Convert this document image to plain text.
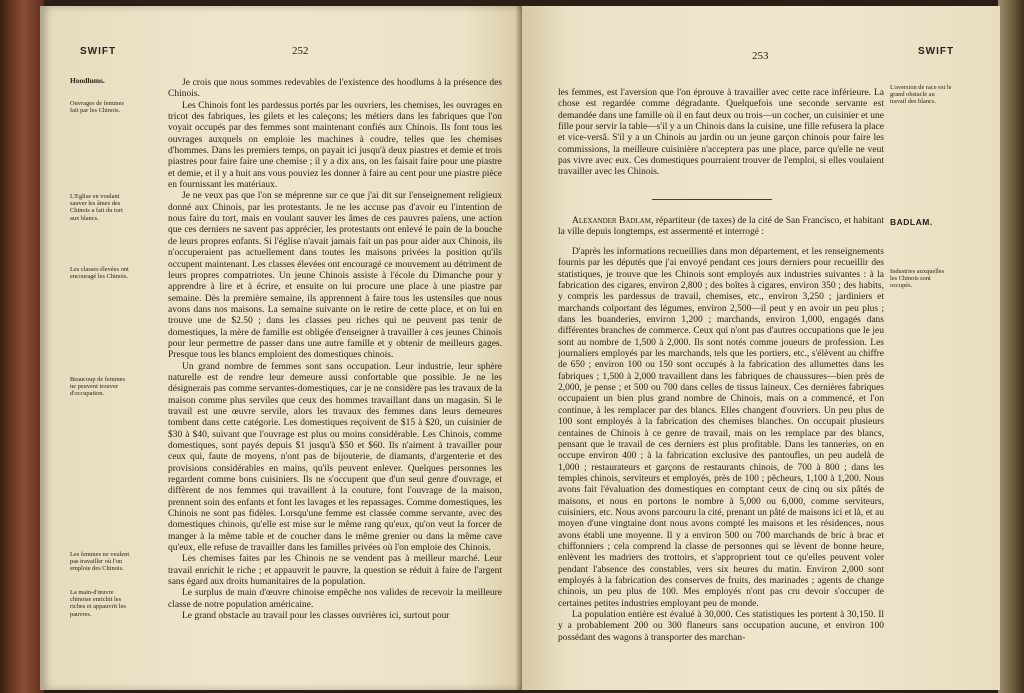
SWIFT	252
Hoodlums.
Ouvrages de femmes fait par les Chinois.
L'Eglise en voulant sauver les âmes des Chinois a fait du tort aux blancs.
Les classes élevées ont encouragé les Chinois.
Beaucoup de femmes ne peuvent trouver d'occupation.
Les femmes ne veulent pas travailler où l'on emploie des Chinois.
La main-d'œuvre chinoise enrichit les riches et appauvrit les pauvres.

Je crois que nous sommes redevables de l'existence des hoodlums à la présence des Chinois.

Les Chinois font les pardessus portés par les ouvriers, les chemises, les ouvrages en tricot des fabriques, les gilets et les caleçons; les métiers dans les fabriques que l'on voyait occupés par des femmes sont maintenant confiés aux Chinois. Ils font tous les ouvrages auxquels on emploie les machines à coudre, telles que les chemises d'hommes. Dans les premiers temps, on payait ici jusqu'à deux piastres et demie et trois piastres pour faire faire une chemise ; il y a dix ans, on les faisait faire pour une piastre et demie, et il y a huit ans vous pouviez les donner à faire au cent pour une piastre pièce en fournissant les matériaux.

Je ne veux pas que l'on se méprenne sur ce que j'ai dit sur l'enseignement religieux donné aux Chinois, par les protestants. Je ne les accuse pas d'avoir eu l'intention de nous faire du tort, mais en voulant sauver les âmes de ces pauvres païens, une action que ces derniers ne savent pas apprécier, les protestants ont enlevé le pain de la bouche de leurs propres enfants. Si l'église n'avait jamais fait un pas pour aider aux Chinois, ils n'occuperaient pas actuellement dans toutes les maisons privées la position qu'ils occupent maintenant. Les classes élevées ont encouragé ce mouvement au détriment de leurs propres compatriotes. Un jeune Chinois assiste à l'école du Dimanche pour y apprendre à lire et à écrire, et ensuite on lui procure une place à une piastre par semaine. Dès la première semaine, ils apprennent à faire tous les ustensiles que nous avons dans nos maisons. La semaine suivante on le retire de cette place, et on lui en trouve une de $2.50 ; dans les classes peu riches qui ne peuvent pas tenir de domestiques, la mère de famille est obligée d'enseigner à travailler à ces jeunes Chinois pour leur permettre de passer dans une autre famille et y obtenir de meilleurs gages. Presque tous les blancs emploient des domestiques chinois.

Un grand nombre de femmes sont sans occupation. Leur industrie, leur sphère naturelle est de rendre leur demeure aussi confortable que possible. Je ne les désignerais pas comme servantes-domestiques, car je ne considère pas les travaux de la maison comme plus serviles que ceux des hommes travaillant dans un magasin. Si le travail est une œuvre servile, alors les travaux des femmes dans leurs demeures tombent dans cette catégorie. Les domestiques reçoivent de $15 à $20, un cuisinier de $30 à $40, suivant que l'ouvrage est plus ou moins considérable. Les Chinois, comme domestiques, sont payés depuis $1 jusqu'à $50 et $60. Ils n'aiment à travailler pour ceux qui, faute de moyens, n'ont pas de bijouterie, de diamants, d'argenterie et des provisions considérables en mains, qu'ils peuvent enlever. Quelques personnes les regardent comme bons cuisiniers. Ils ne s'occupent que d'un seul genre d'ouvrage, et diffèrent de nos femmes qui travaillent à la couture, font l'ouvrage de la maison, prennent soin des enfants et font les lavages et les repassages. Comme domestiques, les Chinois ne sont pas fidèles. Lorsqu'une femme est classée comme servante, avec des domestiques chinois, qu'elle est mise sur le même rang qu'eux, qu'on veut la forcer de manger à la même table et de coucher dans le même grenier ou dans la même cave qu'eux, elle refuse de travailler dans les familles privées où l'on emploie des Chinois.

Les chemises faites par les Chinois ne se vendent pas à meilleur marché. Leur travail enrichit le riche ; et appauvrit le pauvre, la question se réduit à faire de l'argent sans égard aux droits humanitaires de la population.

Le surplus de main d'œuvre chinoise empêche nos valides de recevoir la meilleure classe de notre population américaine.

Le grand obstacle au travail pour les classes ouvrières ici, surtout pour

253	SWIFT
L'aversion de race est le grand obstacle au travail des blancs.
Industries auxquelles les Chinois sont occupés.

les femmes, est l'aversion que l'on éprouve à travailler avec cette race inférieure. La chose est regardée comme dégradante. Quelquefois une seconde servante est demandée dans une famille où il en faut deux ou trois—un cocher, un cuisinier et une fille pour servir la table—s'il y a un Chinois dans la cuisine, une fille refusera la place et vice-versâ. S'il y a un Chinois au jardin ou un jeune garçon chinois pour faire les commissions, la meilleure cuisinière n'acceptera pas une place, parce qu'elle ne veut pas vivre avec eux. Ces domestiques pourraient trouver de l'emploi, si elles voulaient travailler avec les Chinois.

Alexander Badlam, répartiteur (de taxes) de la cité de San Francisco, et habitant la ville depuis longtemps, est assermenté et interrogé :

BADLAM.

D'après les informations recueillies dans mon département, et les renseignements fournis par les députés que j'ai envoyé pendant ces jours derniers pour recueillir des statistiques, je trouve que les Chinois sont employés aux industries suivantes : à la fabrication des cigares, environ 2,800 ; des boîtes à cigares, environ 350 ; des habits, y compris les pardessus de travail, chemises, etc., environ 3,250 ; jardiniers et marchands colportant des légumes, environ 2,500—il peut y en avoir un peu plus ; dans les buanderies, environ 1,200 ; marchands, environ 1,000, engagés dans différentes branches de commerce. Ceux qui n'ont pas d'autres occupations que le jeu sont au nombre de 1,500 à 2,000. Ils sont notés comme joueurs de profession. Les journaliers employés par les marchands, tels que les portiers, etc., s'élèvent au chiffre de 650 ; environ 100 ou 150 sont occupés à la fabrication des allumettes dans les fabriques ; 1,500 à 2,000 travaillent dans les fabriques de chaussures—bien près de 2,000, je pense ; et 500 ou 700 dans celles de tissus laineux. Ces dernières fabriques occupaient un bien plus grand nombre de Chinois, mais on a commencé, et l'on continue, à les remplacer par des blancs. Elles changent d'ouvriers. Un peu plus de 100 sont employés à la fabrication des chemises blanches. On occupait plusieurs centaines de Chinois à ce genre de travail, mais on les remplace par des blancs, pensant que le travail de ces derniers est plus profitable. Dans les tanneries, on en occupe environ 400 ; à la fabrication exclusive des pantoufles, un peu audelà de 1,000 ; restaurateurs et garçons de restaurants chinois, de 700 à 800 ; dans les temples chinois, serviteurs et employés, près de 100 ; pêcheurs, 1,100 à 1,200. Nous avons fait l'évaluation des domestiques en comptant ceux de cinq ou six pâtés de maisons, et nous en portons le nombre à 5,000 ou 6,000, comme serviteurs, cuisiniers, etc. Nous avons parcouru la cité, prenant un pâté de maisons ici et là, et au moyen d'une vingtaine dont nous avons compté les maisons et les résidences, nous avons établi une moyenne. Il y a environ 500 ou 700 marchands de bric à brac et chiffonniers ; cela comprend la classe de personnes qui se lèvent de bonne heure, enlèvent les madriers des trottoirs, et s'approprient tout ce qu'elles peuvent voler pendant l'absence des constables, vers six heures du matin. Environ 2,000 sont employés à la fabrication des conserves de fruits, des marinades ; agents de change chinois, un peu plus de 100. Mes employés n'ont pas cru devoir s'occuper de certaines petites industries employant peu de monde.

La population entière est évalué à 30,000. Ces statistiques les portent à 30,150. Il y a probablement 200 ou 300 flaneurs sans occupation aucune, et environ 100 possédant des wagons à transporter des marchan-
